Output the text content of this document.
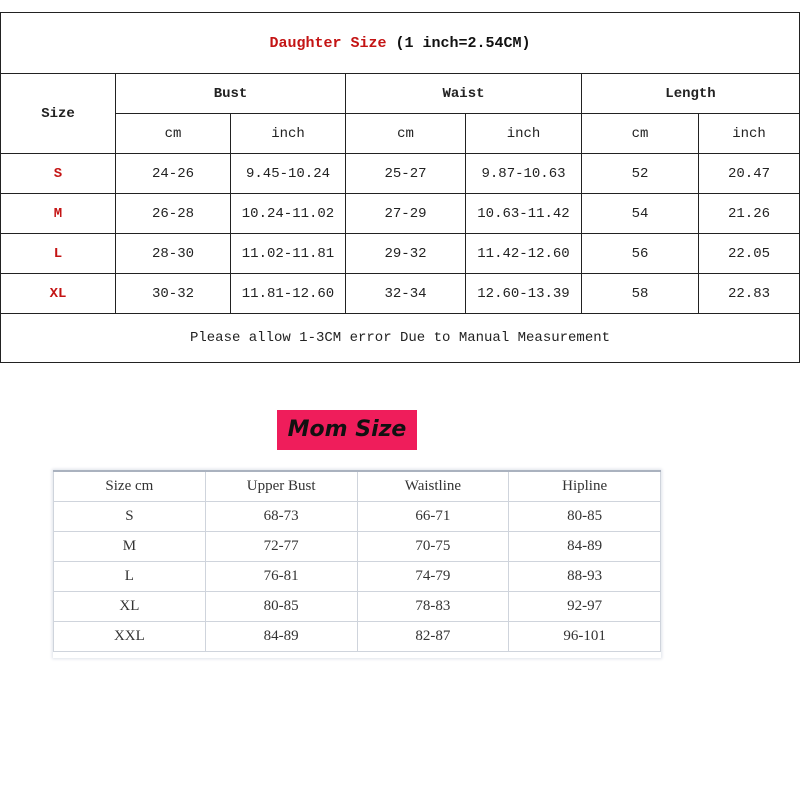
Daughter Size (1 inch=2.54CM)						
Size	Bust		Waist		Length	
	cm	inch	cm	inch	cm	inch
S	24-26	9.45-10.24	25-27	9.87-10.63	52	20.47
M	26-28	10.24-11.02	27-29	10.63-11.42	54	21.26
L	28-30	11.02-11.81	29-32	11.42-12.60	56	22.05
XL	30-32	11.81-12.60	32-34	12.60-13.39	58	22.83
Please allow 1-3CM error Due to Manual Measurement						
Mom Size
Size cm	Upper Bust	Waistline	Hipline
S	68-73	66-71	80-85
M	72-77	70-75	84-89
L	76-81	74-79	88-93
XL	80-85	78-83	92-97
XXL	84-89	82-87	96-101
